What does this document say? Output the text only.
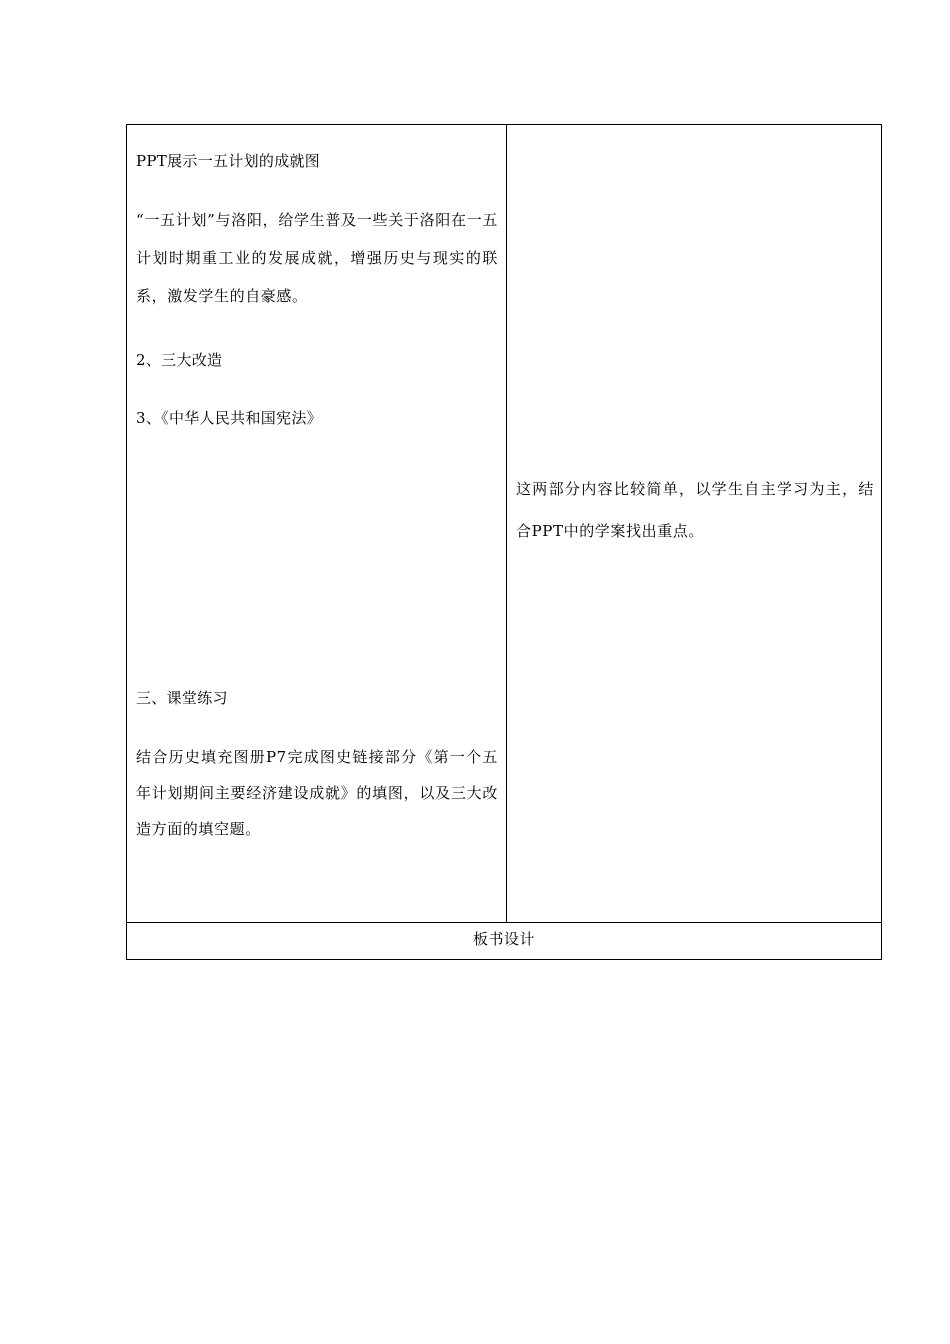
PPT展示一五计划的成就图
“一五计划”与洛阳，给学生普及一些关于洛阳在一五计划时期重工业的发展成就，增强历史与现实的联系，激发学生的自豪感。
2、三大改造
3、《中华人民共和国宪法》
三、课堂练习
结合历史填充图册P7完成图史链接部分《第一个五年计划期间主要经济建设成就》的填图，以及三大改造方面的填空题。
这两部分内容比较简单，以学生自主学习为主，结合PPT中的学案找出重点。
板书设计
